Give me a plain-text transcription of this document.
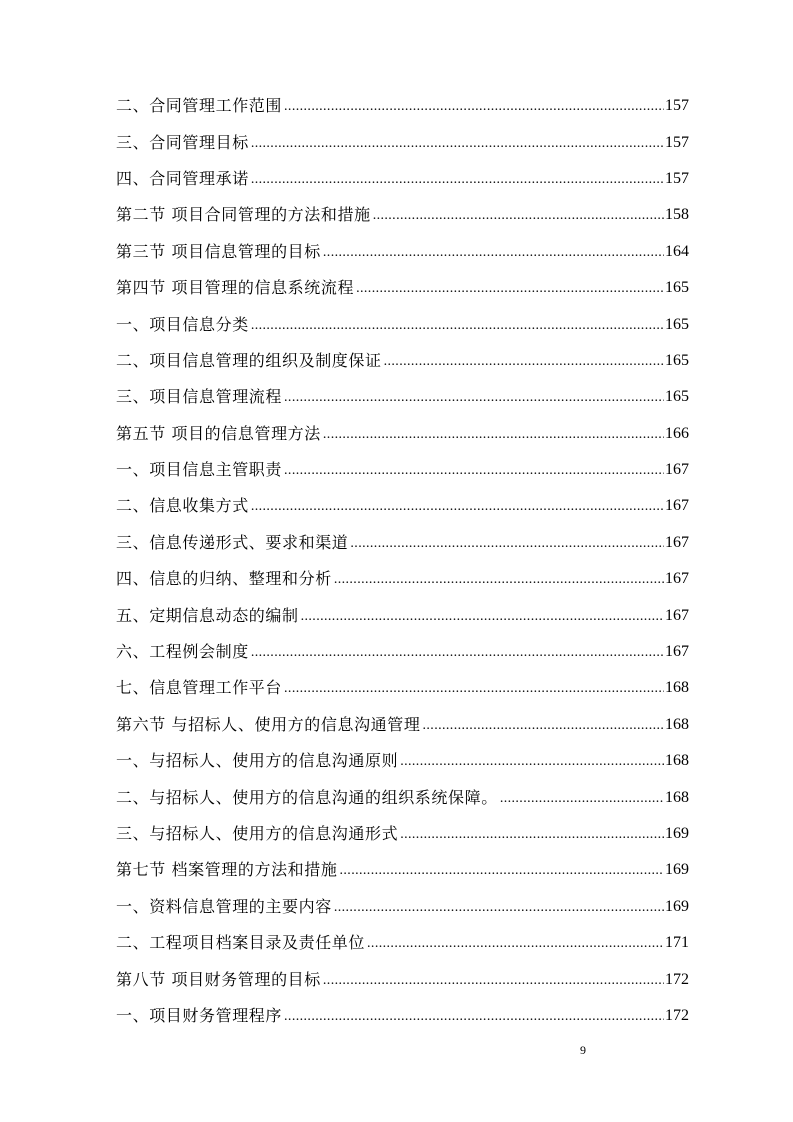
二、合同管理工作范围 .....	157
三、合同管理目标 .....	157
四、合同管理承诺 .....	157
第二节 项目合同管理的方法和措施 .....	158
第三节 项目信息管理的目标 .....	164
第四节 项目管理的信息系统流程 .....	165
一、项目信息分类 .....	165
二、项目信息管理的组织及制度保证 .....	165
三、项目信息管理流程 .....	165
第五节 项目的信息管理方法 .....	166
一、项目信息主管职责 .....	167
二、信息收集方式 .....	167
三、信息传递形式、要求和渠道 .....	167
四、信息的归纳、整理和分析 .....	167
五、定期信息动态的编制 .....	167
六、工程例会制度 .....	167
七、信息管理工作平台 .....	168
第六节 与招标人、使用方的信息沟通管理 .....	168
一、与招标人、使用方的信息沟通原则 .....	168
二、与招标人、使用方的信息沟通的组织系统保障。 .....	168
三、与招标人、使用方的信息沟通形式 .....	169
第七节 档案管理的方法和措施 .....	169
一、资料信息管理的主要内容 .....	169
二、工程项目档案目录及责任单位 .....	171
第八节 项目财务管理的目标 .....	172
一、项目财务管理程序 .....	172
9
